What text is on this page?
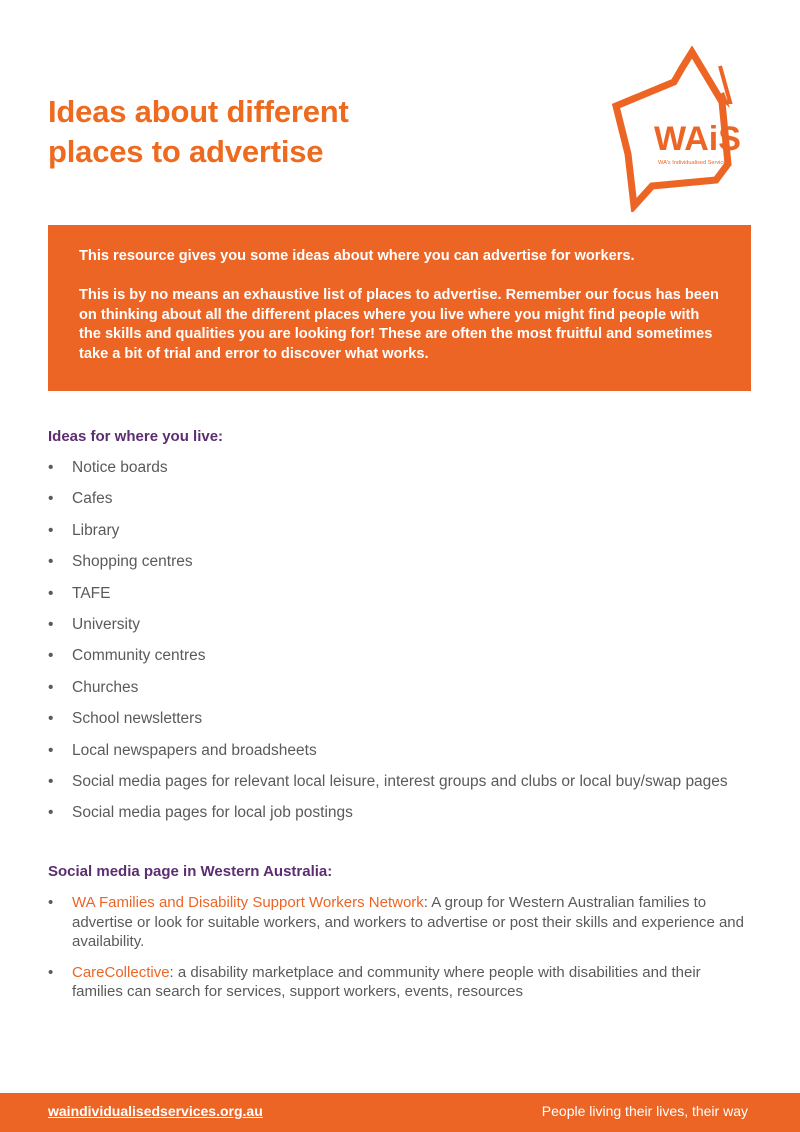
Ideas about different
places to advertise	WAiS
WA's Individualised Services

This resource gives you some ideas about where you can advertise for workers.

This is by no means an exhaustive list of places to advertise. Remember our focus has been on thinking about all the different places where you live where you might find people with the skills and qualities you are looking for! These are often the most fruitful and sometimes take a bit of trial and error to discover what works.

Ideas for where you live:
• Notice boards
• Cafes
• Library
• Shopping centres
• TAFE
• University
• Community centres
• Churches
• School newsletters
• Local newspapers and broadsheets
• Social media pages for relevant local leisure, interest groups and clubs or local buy/swap pages
• Social media pages for local job postings
Social media page in Western Australia:
• WA Families and Disability Support Workers Network: A group for Western Australian families to advertise or look for suitable workers, and workers to advertise or post their skills and experience and availability.
• CareCollective: a disability marketplace and community where people with disabilities and their families can search for services, support workers, events, resources
waindividualisedservices.org.au	People living their lives, their way
